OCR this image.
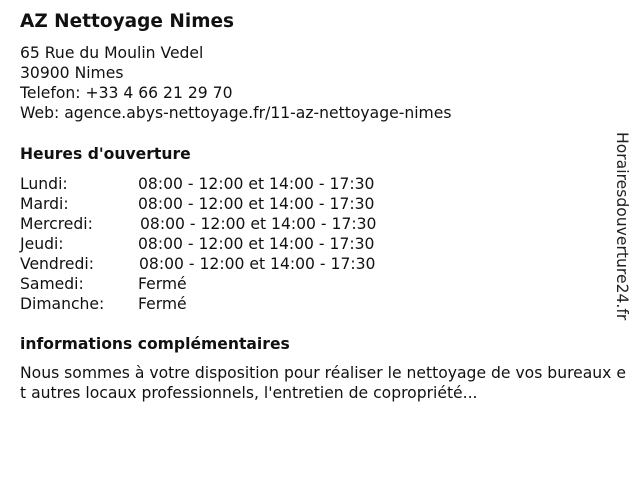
AZ Nettoyage Nimes
65 Rue du Moulin Vedel
30900 Nimes
Telefon: +33 4 66 21 29 70
Web: agence.abys-nettoyage.fr/11-az-nettoyage-nimes
Heures d'ouverture
Lundi:	08:00 - 12:00 et 14:00 - 17:30
Mardi:	08:00 - 12:00 et 14:00 - 17:30
Mercredi:	08:00 - 12:00 et 14:00 - 17:30
Jeudi:	08:00 - 12:00 et 14:00 - 17:30
Vendredi:	08:00 - 12:00 et 14:00 - 17:30
Samedi:	Fermé
Dimanche: Fermé
informations complémentaires

Nous sommes à votre disposition pour réaliser le nettoyage de vos bureaux et autres locaux professionnels, l'entretien de copropriété...

Horairesdouverture24.fr
